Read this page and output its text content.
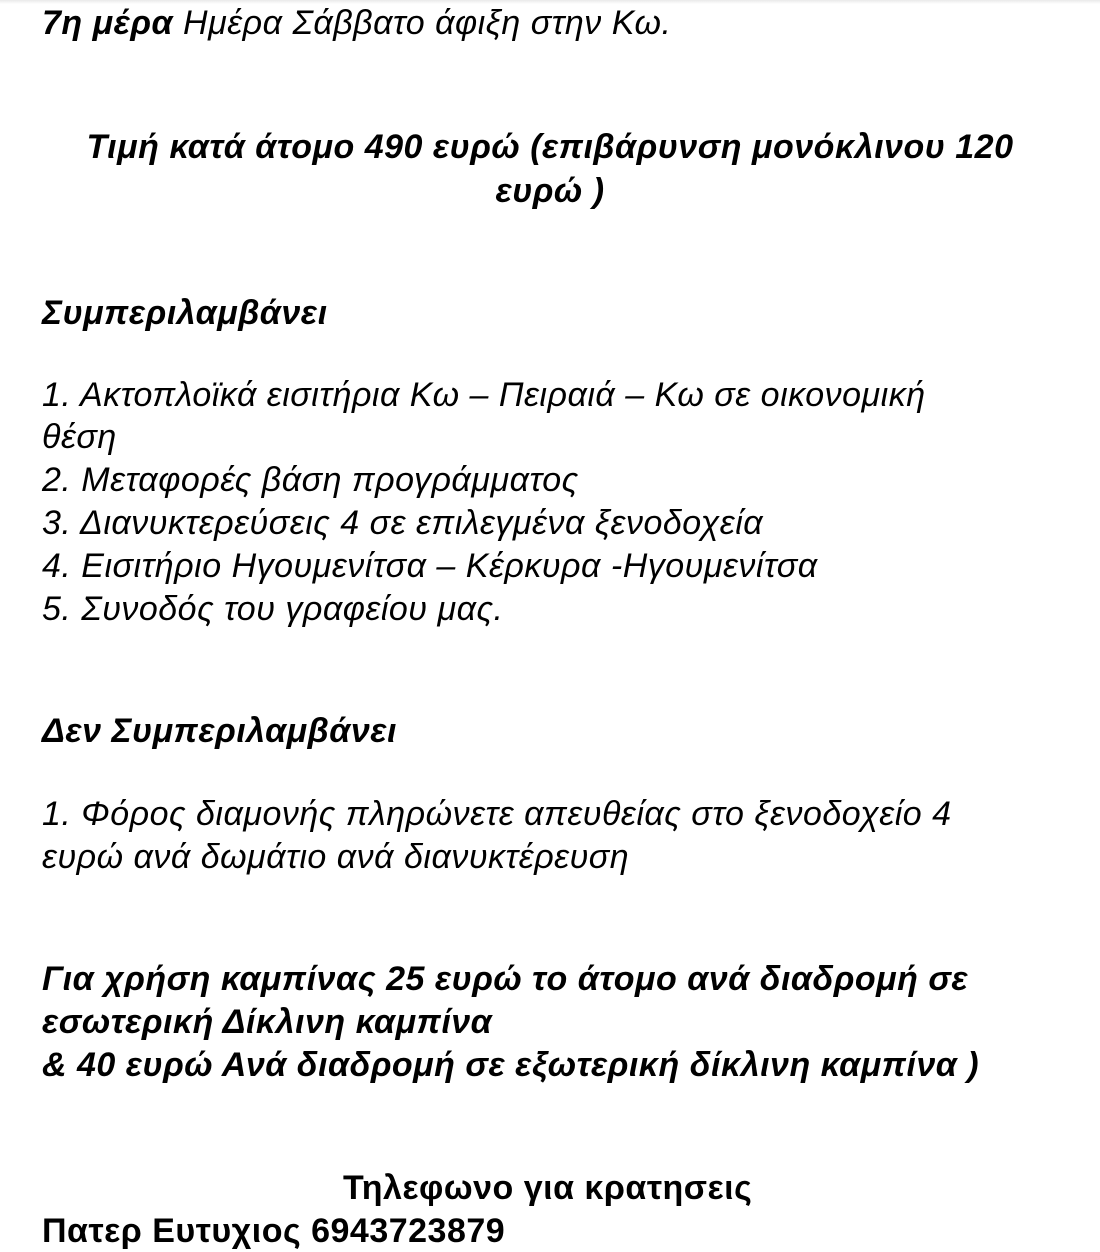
7η μέρα Ημέρα Σάββατο άφιξη στην Κω.
Τιμή κατά άτομο 490 ευρώ (επιβάρυνση μονόκλινου 120
ευρώ )
Συμπεριλαμβάνει
1. Ακτοπλοϊκά εισιτήρια Κω – Πειραιά – Κω σε οικονομική
θέση
2. Μεταφορές βάση προγράμματος
3. Διανυκτερεύσεις 4 σε επιλεγμένα ξενοδοχεία
4. Εισιτήριο Ηγουμενίτσα – Κέρκυρα -Ηγουμενίτσα
5. Συνοδός του γραφείου μας.
Δεν Συμπεριλαμβάνει
1. Φόρος διαμονής πληρώνετε απευθείας στο ξενοδοχείο 4
ευρώ ανά δωμάτιο ανά διανυκτέρευση
Για χρήση καμπίνας 25 ευρώ το άτομο ανά διαδρομή σε
εσωτερική Δίκλινη καμπίνα
& 40 ευρώ Ανά διαδρομή σε εξωτερική δίκλινη καμπίνα )
Τηλεφωνο για κρατησεις
Πατερ Ευτυχιος 6943723879
